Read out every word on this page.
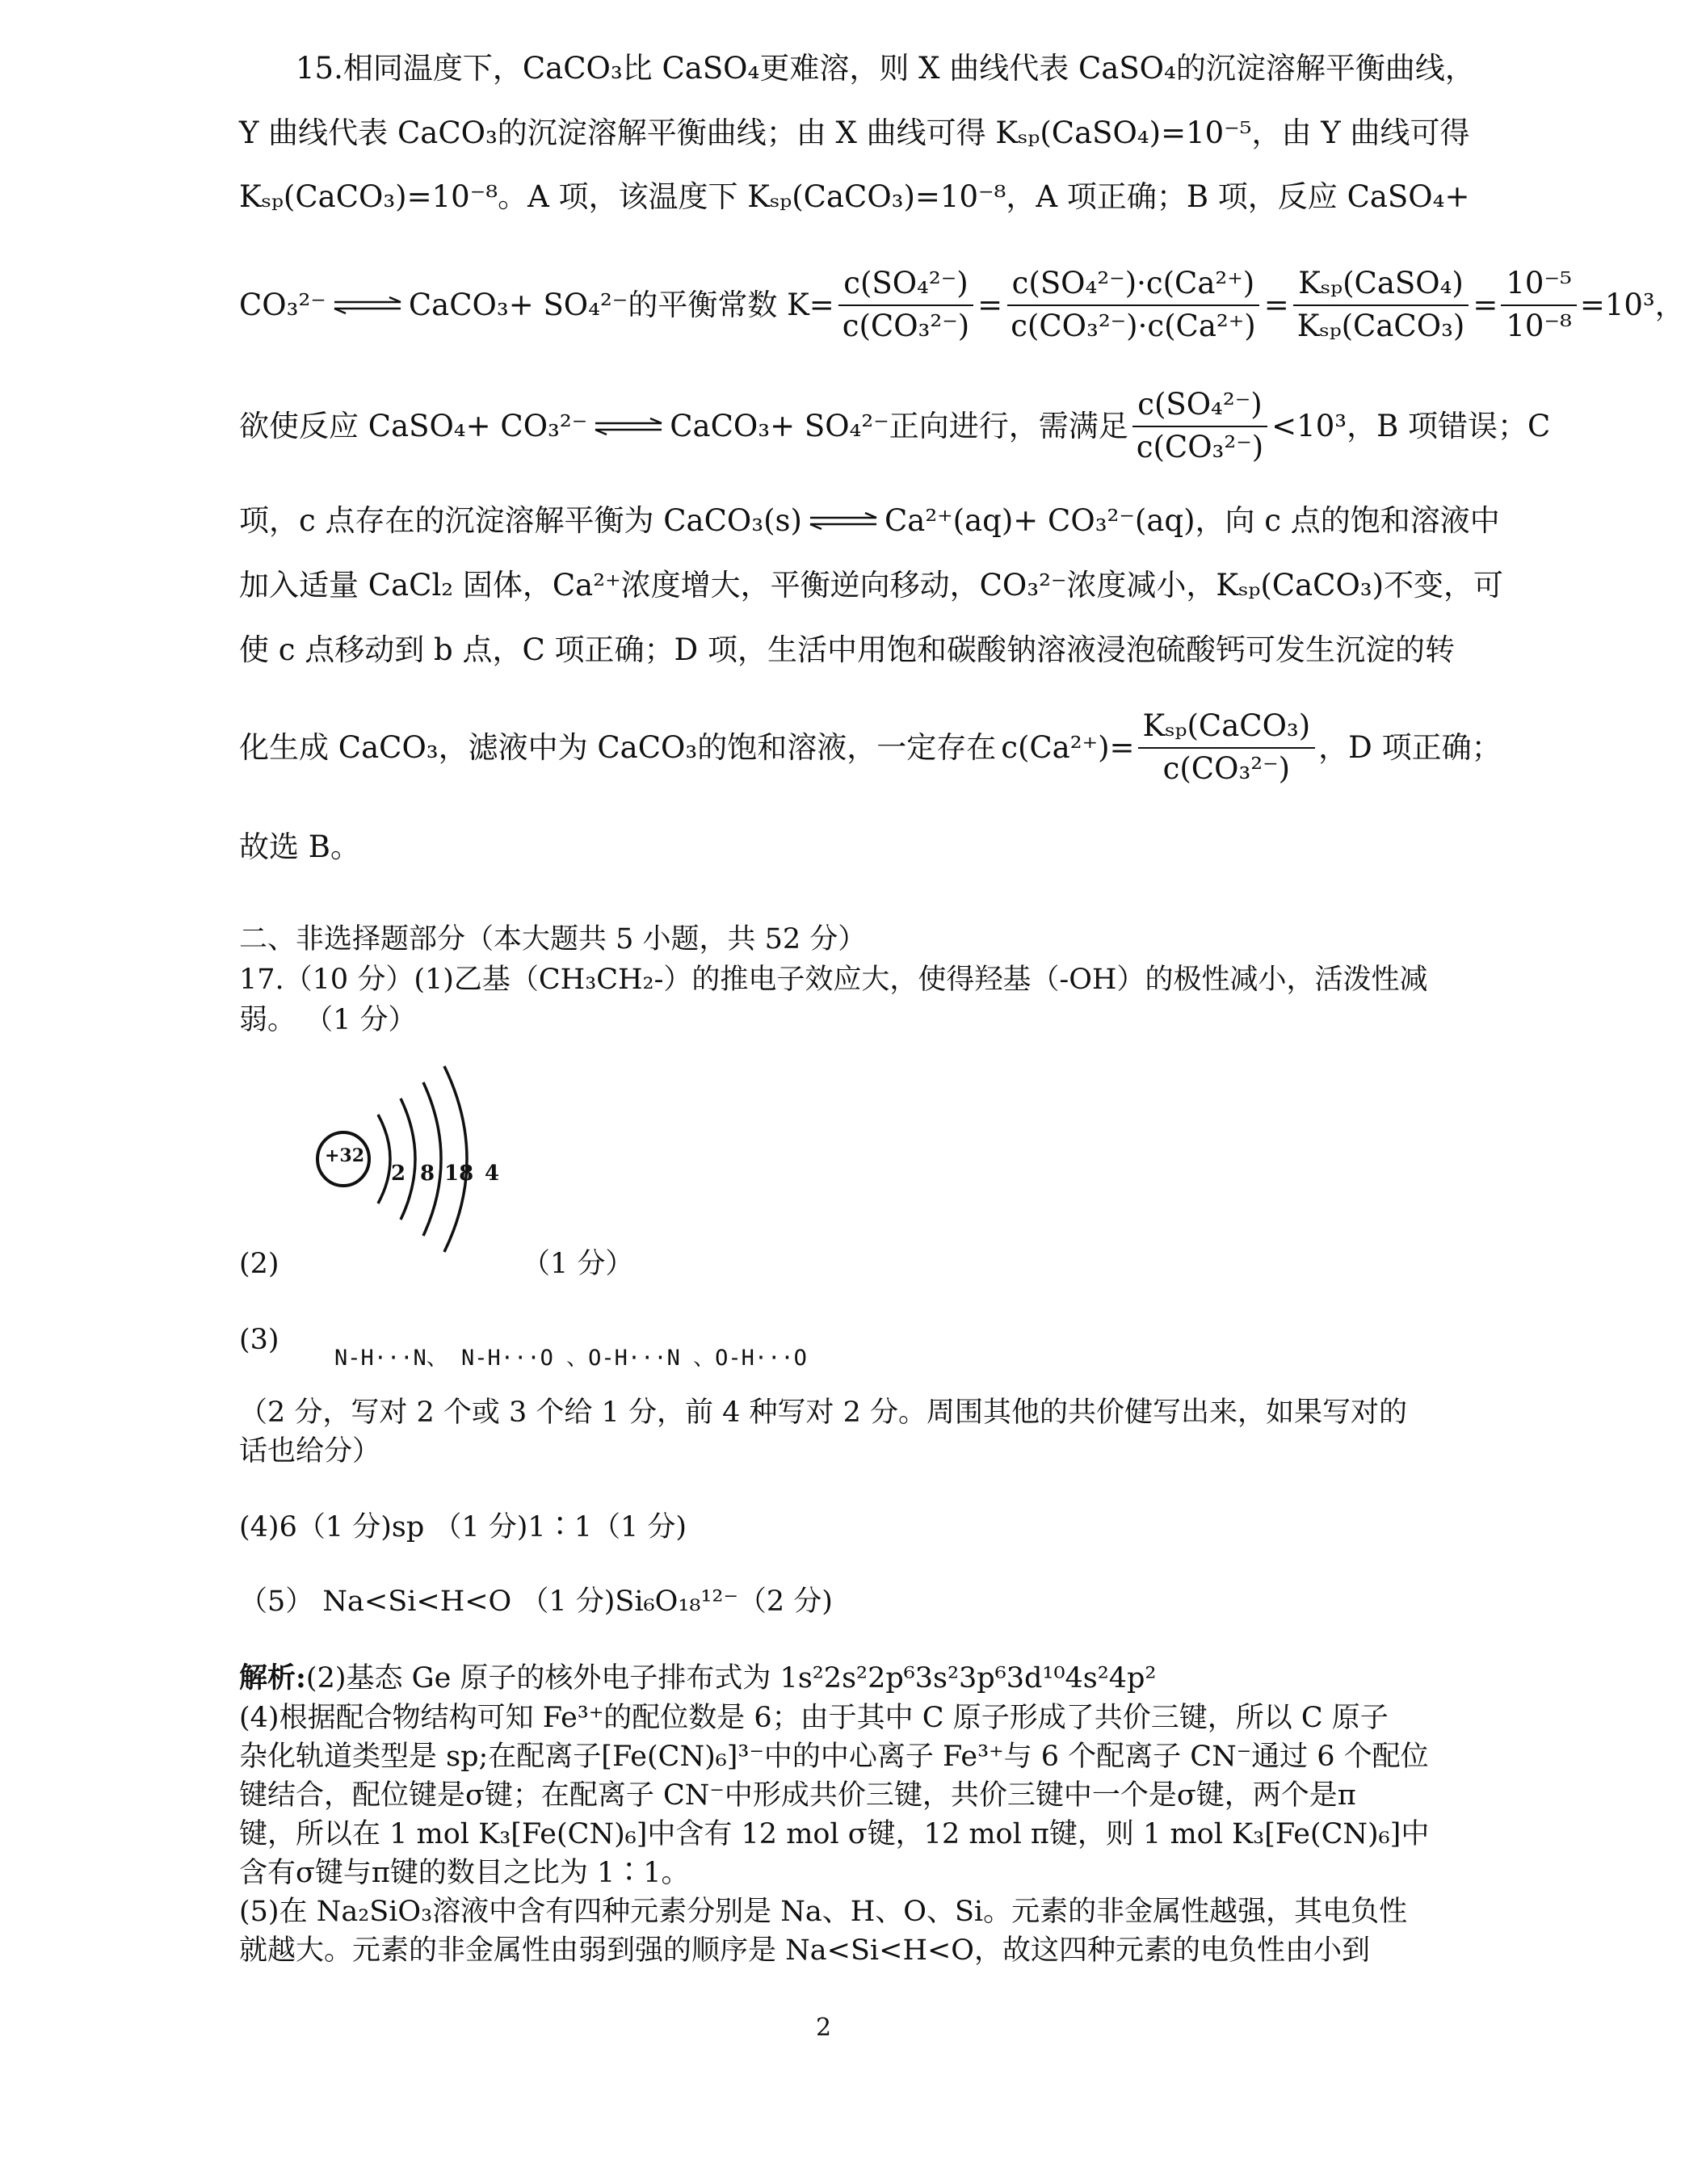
15.相同温度下，CaCO₃比 CaSO₄更难溶，则 X 曲线代表 CaSO₄的沉淀溶解平衡曲线，
Y 曲线代表 CaCO₃的沉淀溶解平衡曲线；由 X 曲线可得 Kₛₚ(CaSO₄)=10⁻⁵，由 Y 曲线可得
Kₛₚ(CaCO₃)=10⁻⁸。A 项，该温度下 Kₛₚ(CaCO₃)=10⁻⁸，A 项正确；B 项，反应 CaSO₄+
CO₃²⁻ ⇌ CaCO₃+ SO₄²⁻的平衡常数 $K= \frac{\text{c(SO₄²⁻)}}{\text{c(CO₃²⁻)}} = \frac{\text{c(SO₄²⁻)·c(Ca²⁺)}}{\text{c(CO₃²⁻)·c(Ca²⁺)}} = \frac{\text{Kₛₚ(CaSO₄)}}{\text{Kₛₚ(CaCO₃)}} = \frac{\text{10⁻⁵}}{\text{10⁻⁸}} =10^3$，
欲使反应 CaSO₄+ CO₃²⁻ ⇌ CaCO₃+ SO₄²⁻正向进行，需满足 $\frac{\text{c(SO₄²⁻)}}{\text{c(CO₃²⁻)}} <10^3$，B 项错误；C
项，c 点存在的沉淀溶解平衡为 CaCO₃(s) ⇌ Ca²⁺(aq)+ CO₃²⁻(aq)，向 c 点的饱和溶液中
加入适量 CaCl₂ 固体，Ca²⁺浓度增大，平衡逆向移动，CO₃²⁻浓度减小，Kₛₚ(CaCO₃)不变，可
使 c 点移动到 b 点，C 项正确；D 项，生活中用饱和碳酸钠溶液浸泡硫酸钙可发生沉淀的转
化生成 CaCO₃，滤液中为 CaCO₃的饱和溶液，一定存在 $c(Ca^{2+})= \frac{\text{Kₛₚ(CaCO₃)}}{\text{c(CO₃²⁻)}}$ ，D 项正确；
故选 B。
二、非选择题部分（本大题共 5 小题，共 52 分）
17.（10 分）(1)乙基（CH₃CH₂-）的推电子效应大，使得羟基（-OH）的极性减小，活泼性减
弱。 （1 分）
+32
2 8 18 4
(2)	（1 分）
(3)
N-H···N、 N-H···O 、O-H···N 、O-H···O
（2 分，写对 2 个或 3 个给 1 分，前 4 种写对 2 分。周围其他的共价健写出来，如果写对的
话也给分）
(4)6（1 分)sp （1 分)1∶1（1 分)
（5） Na<Si<H<O （1 分)Si₆O₁₈¹²⁻（2 分)
解析:(2)基态 Ge 原子的核外电子排布式为 1s²2s²2p⁶3s²3p⁶3d¹⁰4s²4p²
(4)根据配合物结构可知 Fe³⁺的配位数是 6；由于其中 C 原子形成了共价三键，所以 C 原子
杂化轨道类型是 sp;在配离子[Fe(CN)₆]³⁻中的中心离子 Fe³⁺与 6 个配离子 CN⁻通过 6 个配位
键结合，配位键是σ键；在配离子 CN⁻中形成共价三键，共价三键中一个是σ键，两个是π
键，所以在 1 mol K₃[Fe(CN)₆]中含有 12 mol σ键，12 mol π键，则 1 mol K₃[Fe(CN)₆]中
含有σ键与π键的数目之比为 1∶1。
(5)在 Na₂SiO₃溶液中含有四种元素分别是 Na、H、O、Si。元素的非金属性越强，其电负性
就越大。元素的非金属性由弱到强的顺序是 Na<Si<H<O，故这四种元素的电负性由小到
2
